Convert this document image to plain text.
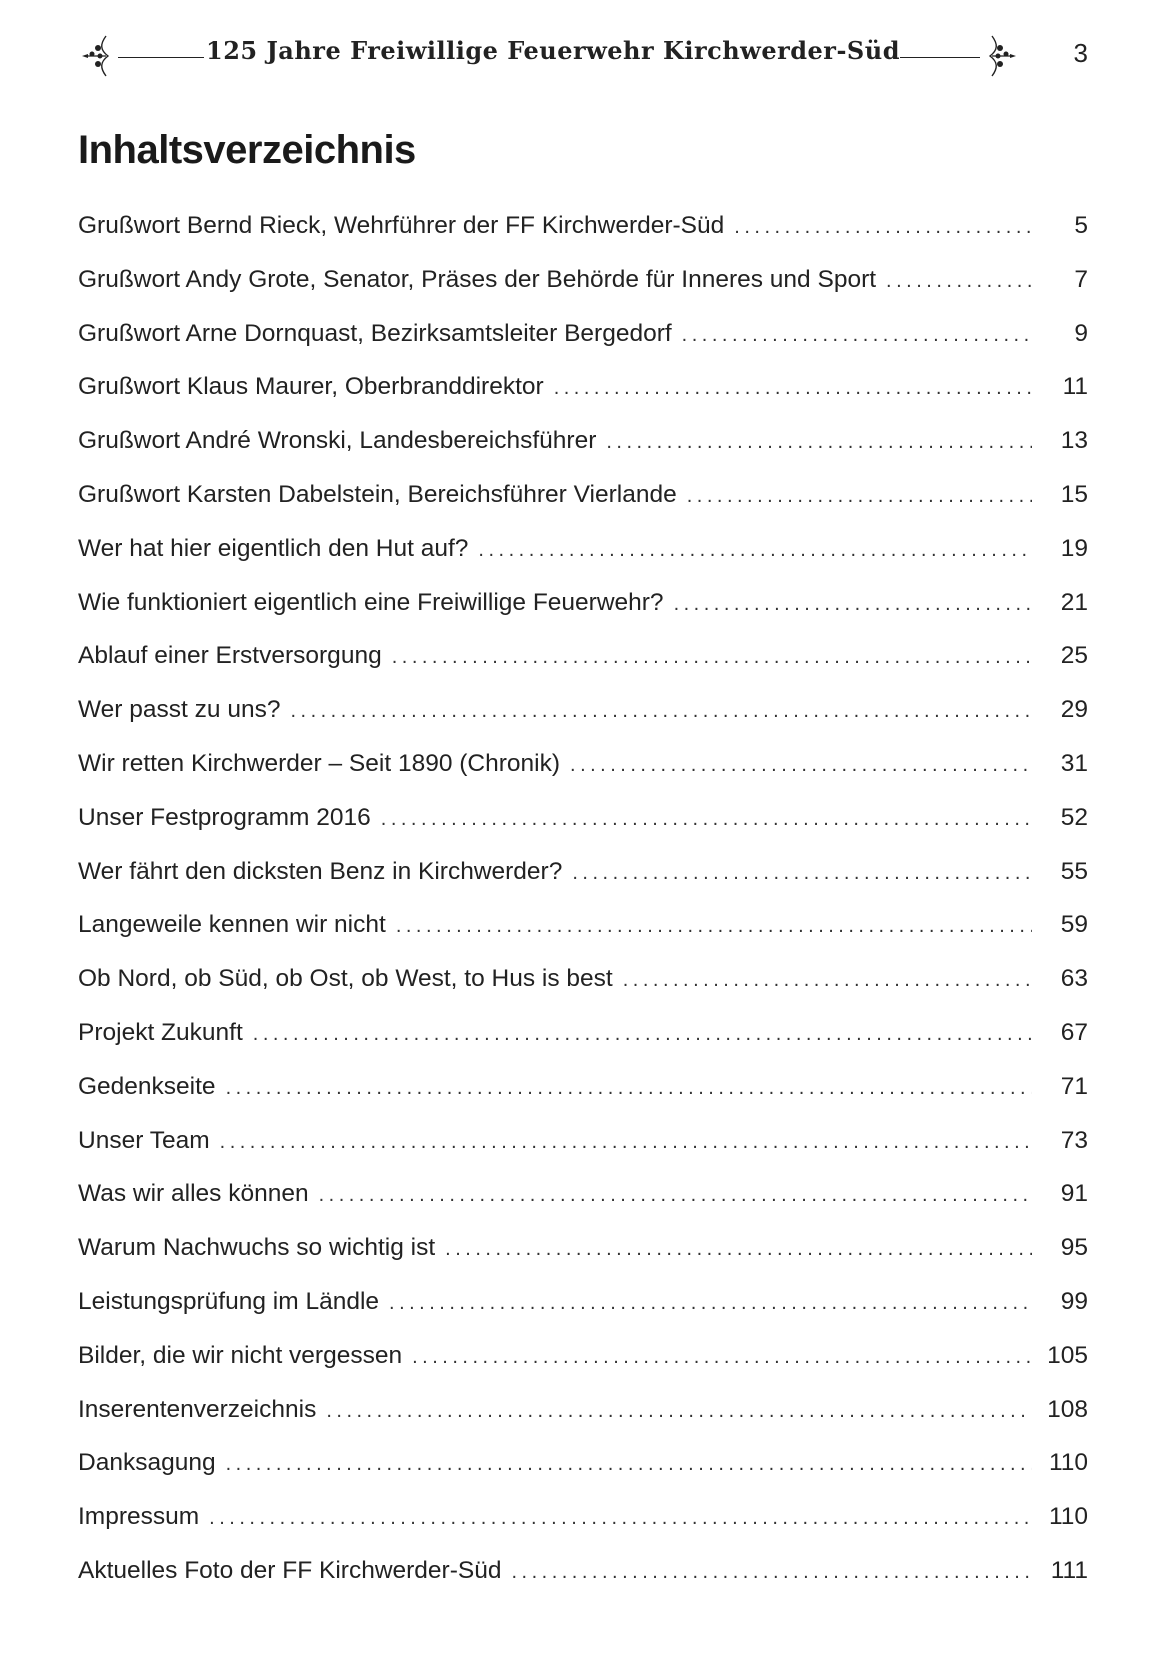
125 Jahre Freiwillige Feuerwehr Kirchwerder-Süd	3
Inhaltsverzeichnis
Grußwort Bernd Rieck, Wehrführer der FF Kirchwerder-Süd .....	5
Grußwort Andy Grote, Senator, Präses der Behörde für Inneres und Sport .....	7
Grußwort Arne Dornquast, Bezirksamtsleiter Bergedorf .....	9
Grußwort Klaus Maurer, Oberbranddirektor .....	11
Grußwort André Wronski, Landesbereichsführer .....	13
Grußwort Karsten Dabelstein, Bereichsführer Vierlande .....	15
Wer hat hier eigentlich den Hut auf? .....	19
Wie funktioniert eigentlich eine Freiwillige Feuerwehr? .....	21
Ablauf einer Erstversorgung .....	25
Wer passt zu uns? .....	29
Wir retten Kirchwerder – Seit 1890 (Chronik) .....	31
Unser Festprogramm 2016 .....	52
Wer fährt den dicksten Benz in Kirchwerder? .....	55
Langeweile kennen wir nicht .....	59
Ob Nord, ob Süd, ob Ost, ob West, to Hus is best .....	63
Projekt Zukunft .....	67
Gedenkseite .....	71
Unser Team .....	73
Was wir alles können .....	91
Warum Nachwuchs so wichtig ist .....	95
Leistungsprüfung im Ländle .....	99
Bilder, die wir nicht vergessen .....	105
Inserentenverzeichnis .....	108
Danksagung .....	110
Impressum .....	110
Aktuelles Foto der FF Kirchwerder-Süd .....	111
